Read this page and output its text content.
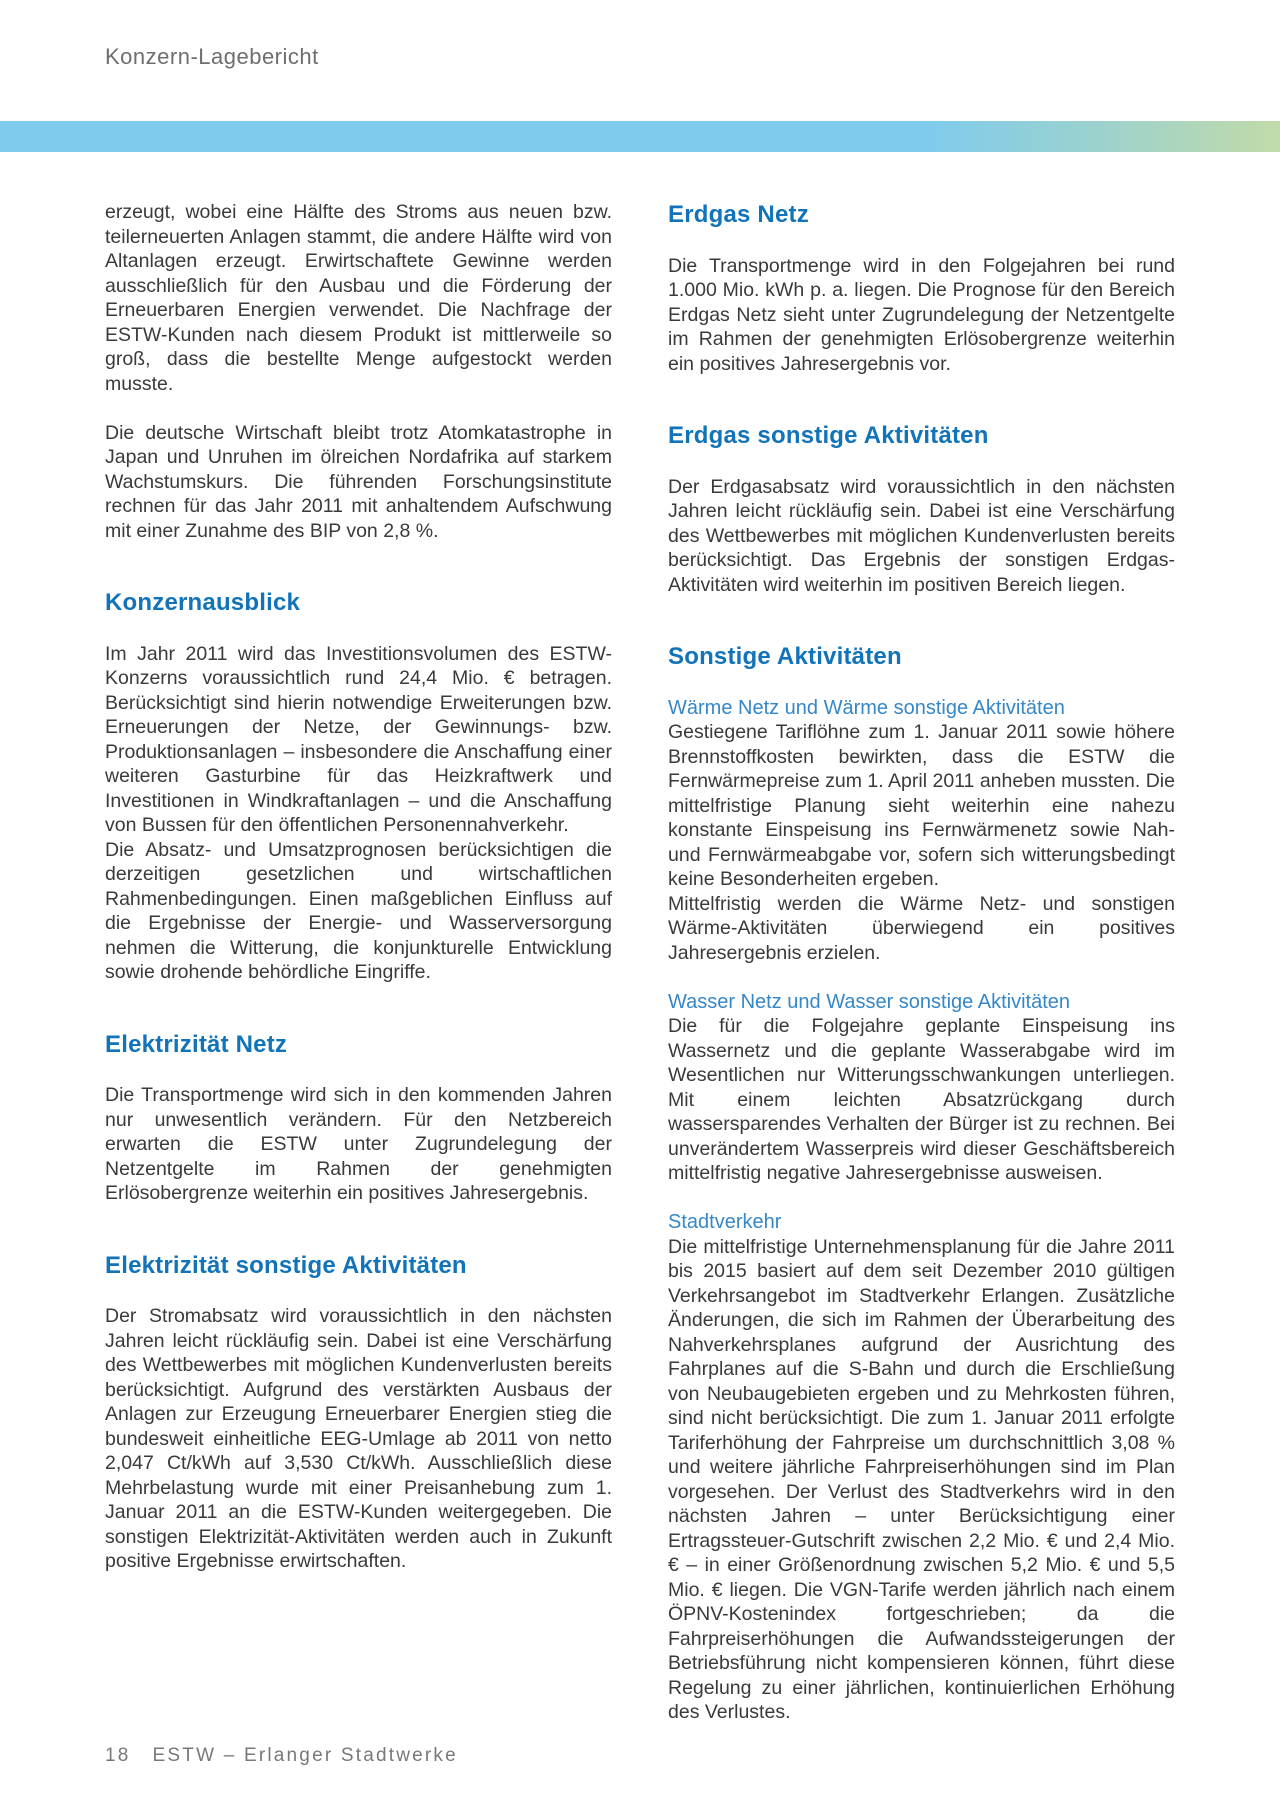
Konzern-Lagebericht

erzeugt, wobei eine Hälfte des Stroms aus neuen bzw. teilerneuerten Anlagen stammt, die andere Hälfte wird von Altanlagen erzeugt. Erwirtschaftete Gewinne werden ausschließlich für den Ausbau und die Förderung der Erneuerbaren Energien verwendet. Die Nachfrage der ESTW-Kunden nach diesem Produkt ist mittlerweile so groß, dass die bestellte Menge aufgestockt werden musste.

Die deutsche Wirtschaft bleibt trotz Atomkatastrophe in Japan und Unruhen im ölreichen Nordafrika auf starkem Wachstumskurs. Die führenden Forschungsinstitute rechnen für das Jahr 2011 mit anhaltendem Aufschwung mit einer Zunahme des BIP von 2,8 %.

Konzernausblick

Im Jahr 2011 wird das Investitionsvolumen des ESTW-Konzerns voraussichtlich rund 24,4 Mio. € betragen. Berücksichtigt sind hierin notwendige Erweiterungen bzw. Erneuerungen der Netze, der Gewinnungs- bzw. Produktionsanlagen – insbesondere die Anschaffung einer weiteren Gasturbine für das Heizkraftwerk und Investitionen in Windkraftanlagen – und die Anschaffung von Bussen für den öffentlichen Personennahverkehr.

Die Absatz- und Umsatzprognosen berücksichtigen die derzeitigen gesetzlichen und wirtschaftlichen Rahmenbedingungen. Einen maßgeblichen Einfluss auf die Ergebnisse der Energie- und Wasserversorgung nehmen die Witterung, die konjunkturelle Entwicklung sowie drohende behördliche Eingriffe.

Elektrizität Netz

Die Transportmenge wird sich in den kommenden Jahren nur unwesentlich verändern. Für den Netzbereich erwarten die ESTW unter Zugrundelegung der Netzentgelte im Rahmen der genehmigten Erlösobergrenze weiterhin ein positives Jahresergebnis.

Elektrizität sonstige Aktivitäten

Der Stromabsatz wird voraussichtlich in den nächsten Jahren leicht rückläufig sein. Dabei ist eine Verschärfung des Wettbewerbes mit möglichen Kundenverlusten bereits berücksichtigt. Aufgrund des verstärkten Ausbaus der Anlagen zur Erzeugung Erneuerbarer Energien stieg die bundesweit einheitliche EEG-Umlage ab 2011 von netto 2,047 Ct/kWh auf 3,530 Ct/kWh. Ausschließlich diese Mehrbelastung wurde mit einer Preisanhebung zum 1. Januar 2011 an die ESTW-Kunden weitergegeben. Die sonstigen Elektrizität-Aktivitäten werden auch in Zukunft positive Ergebnisse erwirtschaften.

Erdgas Netz

Die Transportmenge wird in den Folgejahren bei rund 1.000 Mio. kWh p. a. liegen. Die Prognose für den Bereich Erdgas Netz sieht unter Zugrundelegung der Netzentgelte im Rahmen der genehmigten Erlösobergrenze weiterhin ein positives Jahresergebnis vor.

Erdgas sonstige Aktivitäten

Der Erdgasabsatz wird voraussichtlich in den nächsten Jahren leicht rückläufig sein. Dabei ist eine Verschärfung des Wettbewerbes mit möglichen Kundenverlusten bereits berücksichtigt. Das Ergebnis der sonstigen Erdgas-Aktivitäten wird weiterhin im positiven Bereich liegen.

Sonstige Aktivitäten
Wärme Netz und Wärme sonstige Aktivitäten

Gestiegene Tariflöhne zum 1. Januar 2011 sowie höhere Brennstoffkosten bewirkten, dass die ESTW die Fernwärmepreise zum 1. April 2011 anheben mussten. Die mittelfristige Planung sieht weiterhin eine nahezu konstante Einspeisung ins Fernwärmenetz sowie Nah- und Fernwärmeabgabe vor, sofern sich witterungsbedingt keine Besonderheiten ergeben.

Mittelfristig werden die Wärme Netz- und sonstigen Wärme-Aktivitäten überwiegend ein positives Jahresergebnis erzielen.

Wasser Netz und Wasser sonstige Aktivitäten

Die für die Folgejahre geplante Einspeisung ins Wassernetz und die geplante Wasserabgabe wird im Wesentlichen nur Witterungsschwankungen unterliegen. Mit einem leichten Absatzrückgang durch wassersparendes Verhalten der Bürger ist zu rechnen. Bei unverändertem Wasserpreis wird dieser Geschäftsbereich mittelfristig negative Jahresergebnisse ausweisen.

Stadtverkehr

Die mittelfristige Unternehmensplanung für die Jahre 2011 bis 2015 basiert auf dem seit Dezember 2010 gültigen Verkehrsangebot im Stadtverkehr Erlangen. Zusätzliche Änderungen, die sich im Rahmen der Überarbeitung des Nahverkehrsplanes aufgrund der Ausrichtung des Fahrplanes auf die S-Bahn und durch die Erschließung von Neubaugebieten ergeben und zu Mehrkosten führen, sind nicht berücksichtigt. Die zum 1. Januar 2011 erfolgte Tariferhöhung der Fahrpreise um durchschnittlich 3,08 % und weitere jährliche Fahrpreiserhöhungen sind im Plan vorgesehen. Der Verlust des Stadtverkehrs wird in den nächsten Jahren – unter Berücksichtigung einer Ertragssteuer-Gutschrift zwischen 2,2 Mio. € und 2,4 Mio. € – in einer Größenordnung zwischen 5,2 Mio. € und 5,5 Mio. € liegen. Die VGN-Tarife werden jährlich nach einem ÖPNV-Kostenindex fortgeschrieben; da die Fahrpreiserhöhungen die Aufwandssteigerungen der Betriebsführung nicht kompensieren können, führt diese Regelung zu einer jährlichen, kontinuierlichen Erhöhung des Verlustes.

18 ESTW – Erlanger Stadtwerke
